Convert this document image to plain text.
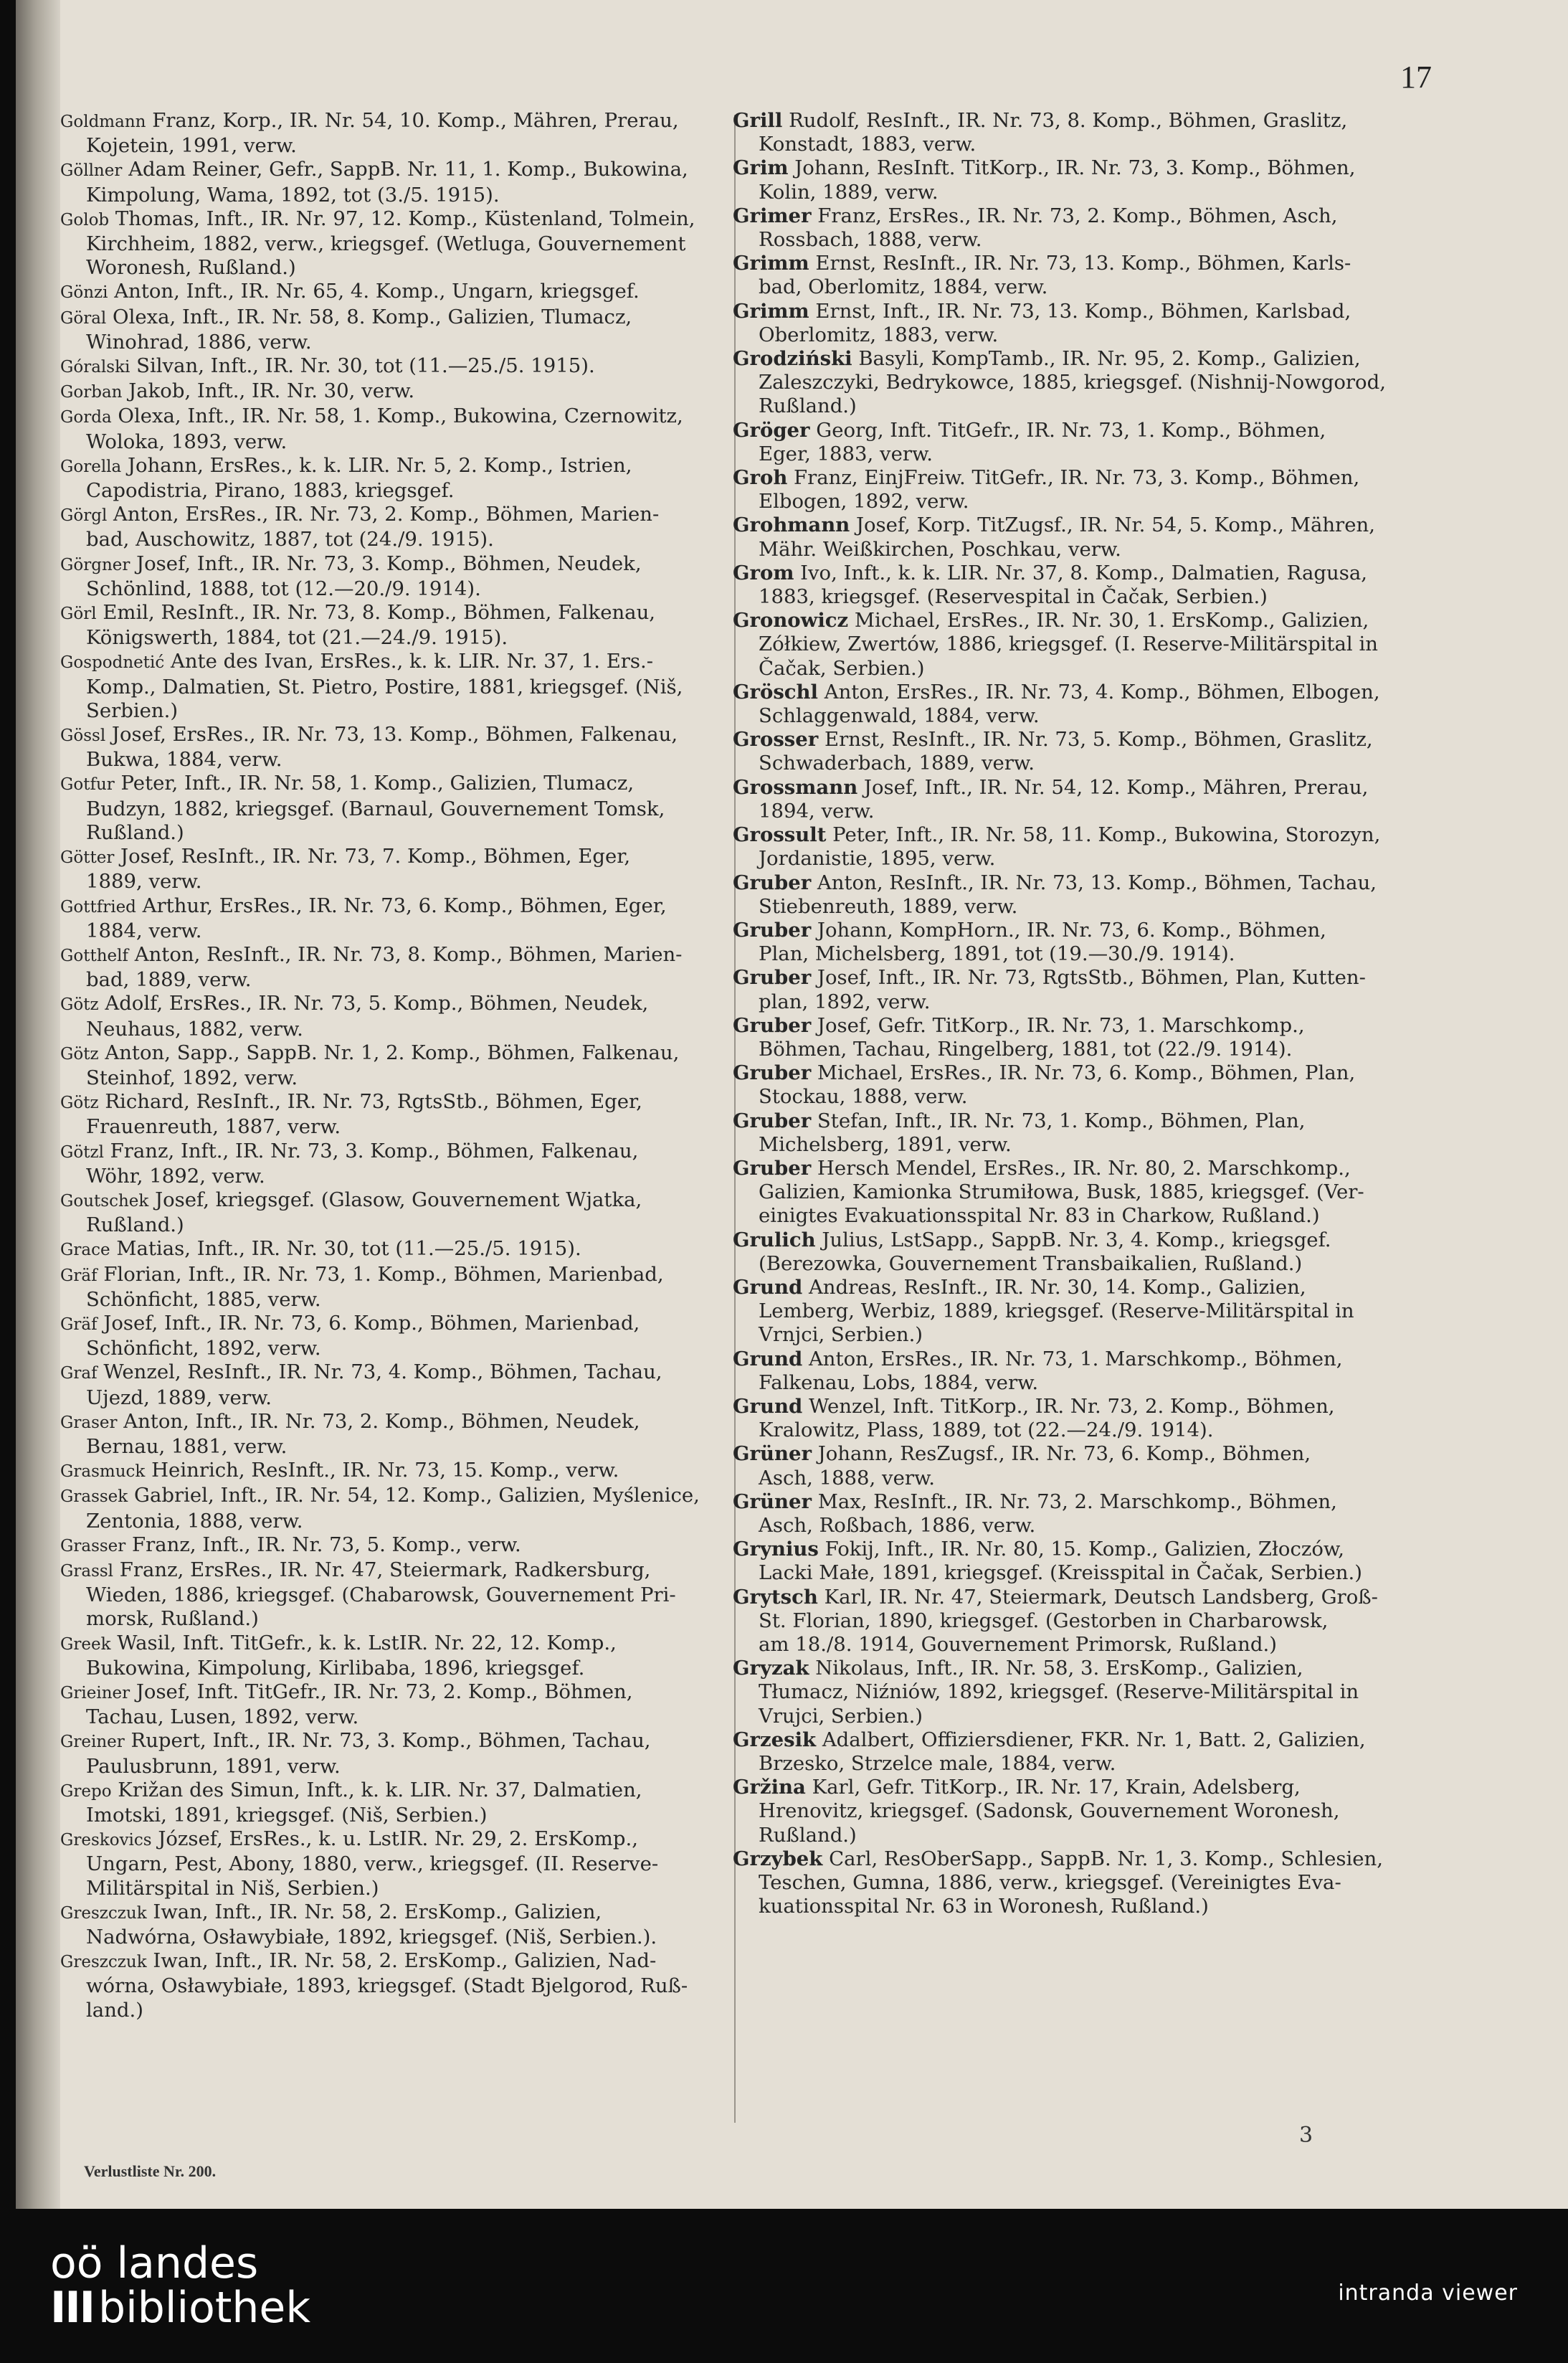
17
Goldmann Franz, Korp., IR. Nr. 54, 10. Komp., Mähren, Prerau,
Kojetein, 1991, verw.
Göllner Adam Reiner, Gefr., SappB. Nr. 11, 1. Komp., Bukowina,
Kimpolung, Wama, 1892, tot (3./5. 1915).
Golob Thomas, Inft., IR. Nr. 97, 12. Komp., Küstenland, Tolmein,
Kirchheim, 1882, verw., kriegsgef. (Wetluga, Gouvernement
Woronesh, Rußland.)
Gönzi Anton, Inft., IR. Nr. 65, 4. Komp., Ungarn, kriegsgef.
Göral Olexa, Inft., IR. Nr. 58, 8. Komp., Galizien, Tlumacz,
Winohrad, 1886, verw.
Góralski Silvan, Inft., IR. Nr. 30, tot (11.—25./5. 1915).
Gorban Jakob, Inft., IR. Nr. 30, verw.
Gorda Olexa, Inft., IR. Nr. 58, 1. Komp., Bukowina, Czernowitz,
Woloka, 1893, verw.
Gorella Johann, ErsRes., k. k. LIR. Nr. 5, 2. Komp., Istrien,
Capodistria, Pirano, 1883, kriegsgef.
Görgl Anton, ErsRes., IR. Nr. 73, 2. Komp., Böhmen, Marien-
bad, Auschowitz, 1887, tot (24./9. 1915).
Görgner Josef, Inft., IR. Nr. 73, 3. Komp., Böhmen, Neudek,
Schönlind, 1888, tot (12.—20./9. 1914).
Görl Emil, ResInft., IR. Nr. 73, 8. Komp., Böhmen, Falkenau,
Königswerth, 1884, tot (21.—24./9. 1915).
Gospodnetić Ante des Ivan, ErsRes., k. k. LIR. Nr. 37, 1. Ers.-
Komp., Dalmatien, St. Pietro, Postire, 1881, kriegsgef. (Niš,
Serbien.)
Gössl Josef, ErsRes., IR. Nr. 73, 13. Komp., Böhmen, Falkenau,
Bukwa, 1884, verw.
Gotfur Peter, Inft., IR. Nr. 58, 1. Komp., Galizien, Tlumacz,
Budzyn, 1882, kriegsgef. (Barnaul, Gouvernement Tomsk,
Rußland.)
Götter Josef, ResInft., IR. Nr. 73, 7. Komp., Böhmen, Eger,
1889, verw.
Gottfried Arthur, ErsRes., IR. Nr. 73, 6. Komp., Böhmen, Eger,
1884, verw.
Gotthelf Anton, ResInft., IR. Nr. 73, 8. Komp., Böhmen, Marien-
bad, 1889, verw.
Götz Adolf, ErsRes., IR. Nr. 73, 5. Komp., Böhmen, Neudek,
Neuhaus, 1882, verw.
Götz Anton, Sapp., SappB. Nr. 1, 2. Komp., Böhmen, Falkenau,
Steinhof, 1892, verw.
Götz Richard, ResInft., IR. Nr. 73, RgtsStb., Böhmen, Eger,
Frauenreuth, 1887, verw.
Götzl Franz, Inft., IR. Nr. 73, 3. Komp., Böhmen, Falkenau,
Wöhr, 1892, verw.
Goutschek Josef, kriegsgef. (Glasow, Gouvernement Wjatka,
Rußland.)
Grace Matias, Inft., IR. Nr. 30, tot (11.—25./5. 1915).
Gräf Florian, Inft., IR. Nr. 73, 1. Komp., Böhmen, Marienbad,
Schönficht, 1885, verw.
Gräf Josef, Inft., IR. Nr. 73, 6. Komp., Böhmen, Marienbad,
Schönficht, 1892, verw.
Graf Wenzel, ResInft., IR. Nr. 73, 4. Komp., Böhmen, Tachau,
Ujezd, 1889, verw.
Graser Anton, Inft., IR. Nr. 73, 2. Komp., Böhmen, Neudek,
Bernau, 1881, verw.
Grasmuck Heinrich, ResInft., IR. Nr. 73, 15. Komp., verw.
Grassek Gabriel, Inft., IR. Nr. 54, 12. Komp., Galizien, Myślenice,
Zentonia, 1888, verw.
Grasser Franz, Inft., IR. Nr. 73, 5. Komp., verw.
Grassl Franz, ErsRes., IR. Nr. 47, Steiermark, Radkersburg,
Wieden, 1886, kriegsgef. (Chabarowsk, Gouvernement Pri-
morsk, Rußland.)
Greek Wasil, Inft. TitGefr., k. k. LstIR. Nr. 22, 12. Komp.,
Bukowina, Kimpolung, Kirlibaba, 1896, kriegsgef.
Grieiner Josef, Inft. TitGefr., IR. Nr. 73, 2. Komp., Böhmen,
Tachau, Lusen, 1892, verw.
Greiner Rupert, Inft., IR. Nr. 73, 3. Komp., Böhmen, Tachau,
Paulusbrunn, 1891, verw.
Grepo Križan des Simun, Inft., k. k. LIR. Nr. 37, Dalmatien,
Imotski, 1891, kriegsgef. (Niš, Serbien.)
Greskovics József, ErsRes., k. u. LstIR. Nr. 29, 2. ErsKomp.,
Ungarn, Pest, Abony, 1880, verw., kriegsgef. (II. Reserve-
Militärspital in Niš, Serbien.)
Greszczuk Iwan, Inft., IR. Nr. 58, 2. ErsKomp., Galizien,
Nadwórna, Osławybiałe, 1892, kriegsgef. (Niš, Serbien.).
Greszczuk Iwan, Inft., IR. Nr. 58, 2. ErsKomp., Galizien, Nad-
wórna, Osławybiałe, 1893, kriegsgef. (Stadt Bjelgorod, Ruß-
land.)
Grill Rudolf, ResInft., IR. Nr. 73, 8. Komp., Böhmen, Graslitz,
Konstadt, 1883, verw.
Grim Johann, ResInft. TitKorp., IR. Nr. 73, 3. Komp., Böhmen,
Kolin, 1889, verw.
Grimer Franz, ErsRes., IR. Nr. 73, 2. Komp., Böhmen, Asch,
Rossbach, 1888, verw.
Grimm Ernst, ResInft., IR. Nr. 73, 13. Komp., Böhmen, Karls-
bad, Oberlomitz, 1884, verw.
Grimm Ernst, Inft., IR. Nr. 73, 13. Komp., Böhmen, Karlsbad,
Oberlomitz, 1883, verw.
Grodziński Basyli, KompTamb., IR. Nr. 95, 2. Komp., Galizien,
Zaleszczyki, Bedrykowce, 1885, kriegsgef. (Nishnij-Nowgorod,
Rußland.)
Gröger Georg, Inft. TitGefr., IR. Nr. 73, 1. Komp., Böhmen,
Eger, 1883, verw.
Groh Franz, EinjFreiw. TitGefr., IR. Nr. 73, 3. Komp., Böhmen,
Elbogen, 1892, verw.
Grohmann Josef, Korp. TitZugsf., IR. Nr. 54, 5. Komp., Mähren,
Mähr. Weißkirchen, Poschkau, verw.
Grom Ivo, Inft., k. k. LIR. Nr. 37, 8. Komp., Dalmatien, Ragusa,
1883, kriegsgef. (Reservespital in Čačak, Serbien.)
Gronowicz Michael, ErsRes., IR. Nr. 30, 1. ErsKomp., Galizien,
Zółkiew, Zwertów, 1886, kriegsgef. (I. Reserve-Militärspital in
Čačak, Serbien.)
Gröschl Anton, ErsRes., IR. Nr. 73, 4. Komp., Böhmen, Elbogen,
Schlaggenwald, 1884, verw.
Grosser Ernst, ResInft., IR. Nr. 73, 5. Komp., Böhmen, Graslitz,
Schwaderbach, 1889, verw.
Grossmann Josef, Inft., IR. Nr. 54, 12. Komp., Mähren, Prerau,
1894, verw.
Grossult Peter, Inft., IR. Nr. 58, 11. Komp., Bukowina, Storozyn,
Jordanistie, 1895, verw.
Gruber Anton, ResInft., IR. Nr. 73, 13. Komp., Böhmen, Tachau,
Stiebenreuth, 1889, verw.
Gruber Johann, KompHorn., IR. Nr. 73, 6. Komp., Böhmen,
Plan, Michelsberg, 1891, tot (19.—30./9. 1914).
Gruber Josef, Inft., IR. Nr. 73, RgtsStb., Böhmen, Plan, Kutten-
plan, 1892, verw.
Gruber Josef, Gefr. TitKorp., IR. Nr. 73, 1. Marschkomp.,
Böhmen, Tachau, Ringelberg, 1881, tot (22./9. 1914).
Gruber Michael, ErsRes., IR. Nr. 73, 6. Komp., Böhmen, Plan,
Stockau, 1888, verw.
Gruber Stefan, Inft., IR. Nr. 73, 1. Komp., Böhmen, Plan,
Michelsberg, 1891, verw.
Gruber Hersch Mendel, ErsRes., IR. Nr. 80, 2. Marschkomp.,
Galizien, Kamionka Strumiłowa, Busk, 1885, kriegsgef. (Ver-
einigtes Evakuationsspital Nr. 83 in Charkow, Rußland.)
Grulich Julius, LstSapp., SappB. Nr. 3, 4. Komp., kriegsgef.
(Berezowka, Gouvernement Transbaikalien, Rußland.)
Grund Andreas, ResInft., IR. Nr. 30, 14. Komp., Galizien,
Lemberg, Werbiz, 1889, kriegsgef. (Reserve-Militärspital in
Vrnjci, Serbien.)
Grund Anton, ErsRes., IR. Nr. 73, 1. Marschkomp., Böhmen,
Falkenau, Lobs, 1884, verw.
Grund Wenzel, Inft. TitKorp., IR. Nr. 73, 2. Komp., Böhmen,
Kralowitz, Plass, 1889, tot (22.—24./9. 1914).
Grüner Johann, ResZugsf., IR. Nr. 73, 6. Komp., Böhmen,
Asch, 1888, verw.
Grüner Max, ResInft., IR. Nr. 73, 2. Marschkomp., Böhmen,
Asch, Roßbach, 1886, verw.
Grynius Fokij, Inft., IR. Nr. 80, 15. Komp., Galizien, Złoczów,
Lacki Małe, 1891, kriegsgef. (Kreisspital in Čačak, Serbien.)
Grytsch Karl, IR. Nr. 47, Steiermark, Deutsch Landsberg, Groß-
St. Florian, 1890, kriegsgef. (Gestorben in Charbarowsk,
am 18./8. 1914, Gouvernement Primorsk, Rußland.)
Gryzak Nikolaus, Inft., IR. Nr. 58, 3. ErsKomp., Galizien,
Tłumacz, Niźniów, 1892, kriegsgef. (Reserve-Militärspital in
Vrujci, Serbien.)
Grzesik Adalbert, Offiziersdiener, FKR. Nr. 1, Batt. 2, Galizien,
Brzesko, Strzelce male, 1884, verw.
Gržina Karl, Gefr. TitKorp., IR. Nr. 17, Krain, Adelsberg,
Hrenovitz, kriegsgef. (Sadonsk, Gouvernement Woronesh,
Rußland.)
Grzybek Carl, ResOberSapp., SappB. Nr. 1, 3. Komp., Schlesien,
Teschen, Gumna, 1886, verw., kriegsgef. (Vereinigtes Eva-
kuationsspital Nr. 63 in Woronesh, Rußland.)
Verlustliste Nr. 200.
3
oö landes
III bibliothek	intranda viewer
